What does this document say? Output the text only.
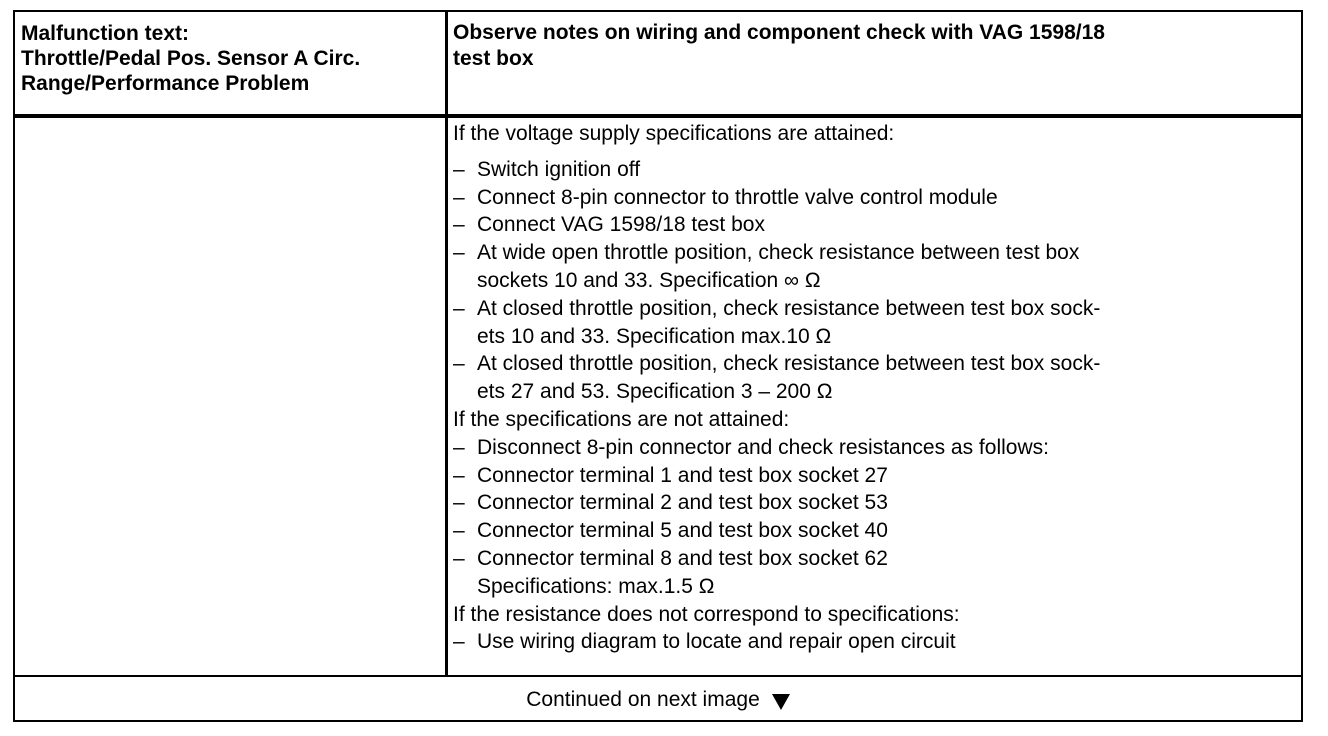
Malfunction text:
Throttle/Pedal Pos. Sensor A Circ.
Range/Performance Problem
Observe notes on wiring and component check with VAG 1598/18
test box

If the voltage supply specifications are attained:

– Switch ignition off
– Connect 8-pin connector to throttle valve control module
– Connect VAG 1598/18 test box
– At wide open throttle position, check resistance between test box
sockets 10 and 33. Specification ∞ Ω
– At closed throttle position, check resistance between test box sock-
ets 10 and 33. Specification max.10 Ω
– At closed throttle position, check resistance between test box sock-
ets 27 and 53. Specification 3 – 200 Ω

If the specifications are not attained:

– Disconnect 8-pin connector and check resistances as follows:
– Connector terminal 1 and test box socket 27
– Connector terminal 2 and test box socket 53
– Connector terminal 5 and test box socket 40
– Connector terminal 8 and test box socket 62
Specifications: max.1.5 Ω

If the resistance does not correspond to specifications:

– Use wiring diagram to locate and repair open circuit
Continued on next image
